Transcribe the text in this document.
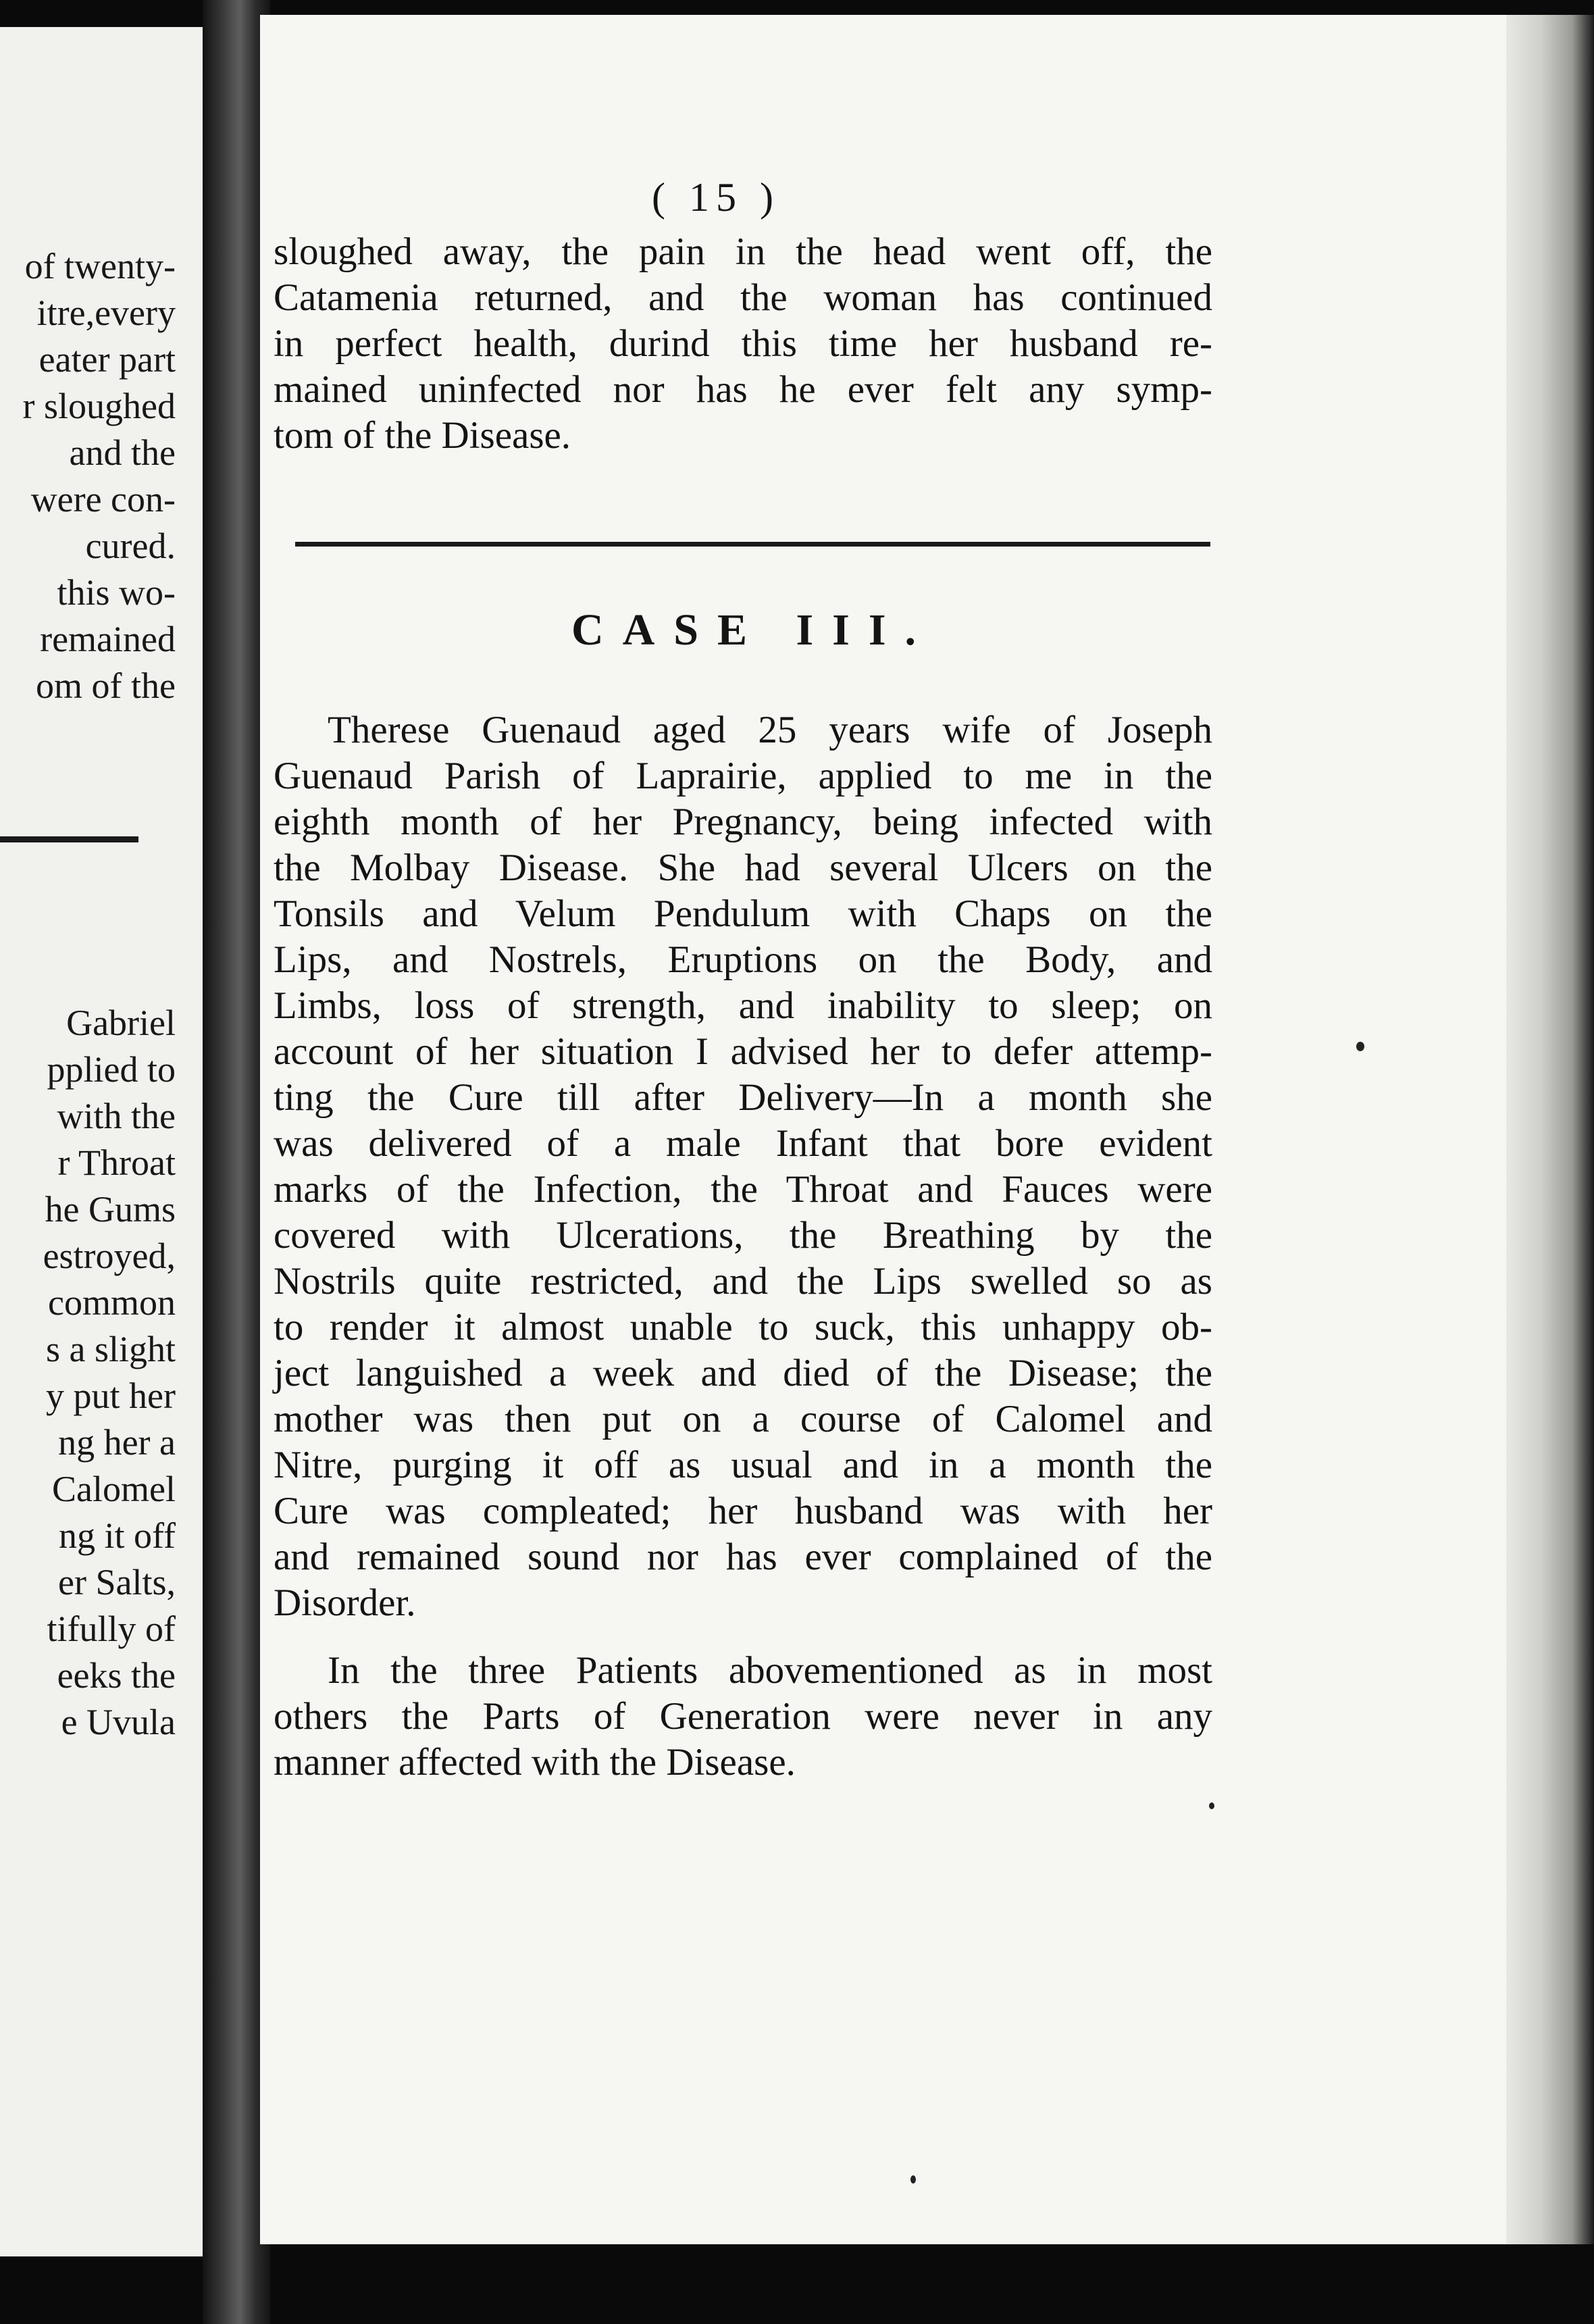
of twenty-
itre,every
eater part
r sloughed
and the
were con-
cured.
this wo-
remained
om of the
Gabriel
pplied to
with the
r Throat
he Gums
estroyed,
common
s a slight
y put her
ng her a
Calomel
ng it off
er Salts,
tifully of
eeks the
e Uvula
( 15 )
sloughed away, the pain in the head went off, the
Catamenia returned, and the woman has continued
in perfect health, durind this time her husband re-
mained uninfected nor has he ever felt any symp-
tom of the Disease.
Therese Guenaud aged 25 years wife of Joseph
Guenaud Parish of Laprairie, applied to me in the
eighth month of her Pregnancy, being infected with
the Molbay Disease. She had several Ulcers on the
Tonsils and Velum Pendulum with Chaps on the
Lips, and Nostrels, Eruptions on the Body, and
Limbs, loss of strength, and inability to sleep; on
account of her situation I advised her to defer attemp-
ting the Cure till after Delivery—In a month she
was delivered of a male Infant that bore evident
marks of the Infection, the Throat and Fauces were
covered with Ulcerations, the Breathing by the
Nostrils quite restricted, and the Lips swelled so as
to render it almost unable to suck, this unhappy ob-
ject languished a week and died of the Disease; the
mother was then put on a course of Calomel and
Nitre, purging it off as usual and in a month the
Cure was compleated; her husband was with her
and remained sound nor has ever complained of the
Disorder.
In the three Patients abovementioned as in most
others the Parts of Generation were never in any
manner affected with the Disease.
CASE III.
